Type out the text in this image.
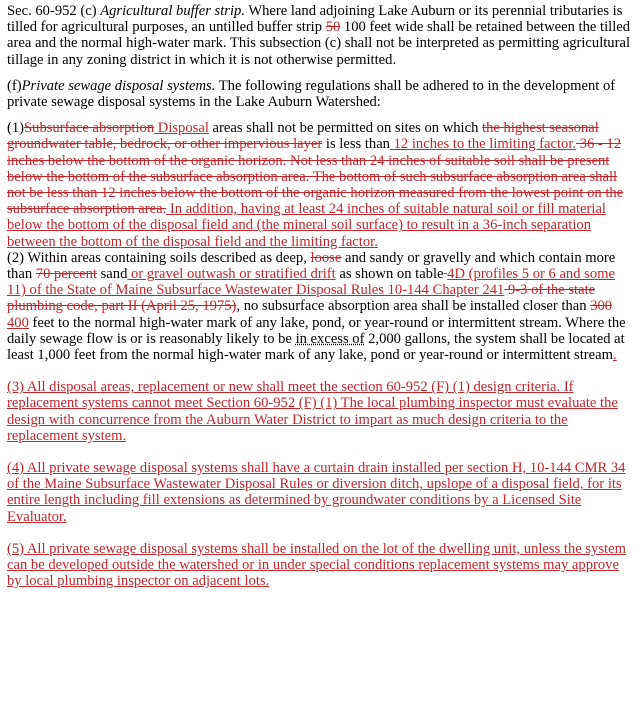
Sec. 60-952 (c) Agricultural buffer strip. Where land adjoining Lake Auburn or its perennial tributaries is tilled for agricultural purposes, an untilled buffer strip 50 100 feet wide shall be retained between the tilled area and the normal high-water mark. This subsection (c) shall not be interpreted as permitting agricultural tillage in any zoning district in which it is not otherwise permitted.

(f)Private sewage disposal systems. The following regulations shall be adhered to in the development of private sewage disposal systems in the Lake Auburn Watershed:

(1)Subsurface absorption Disposal areas shall not be permitted on sites on which the highest seasonal groundwater table, bedrock, or other impervious layer is less than 12 inches to the limiting factor. 36 - 12 inches below the bottom of the organic horizon. Not less than 24 inches of suitable soil shall be present below the bottom of the subsurface absorption area. The bottom of such subsurface absorption area shall not be less than 12 inches below the bottom of the organic horizon measured from the lowest point on the subsurface absorption area. In addition, having at least 24 inches of suitable natural soil or fill material below the bottom of the disposal field and (the mineral soil surface) to result in a 36-inch separation between the bottom of the disposal field and the limiting factor.

(2) Within areas containing soils described as deep, loose and sandy or gravelly and which contain more than 70 percent sand or gravel outwash or stratified drift as shown on table 4D (profiles 5 or 6 and some 11) of the State of Maine Subsurface Wastewater Disposal Rules 10-144 Chapter 241 9-3 of the state plumbing code, part II (April 25, 1975), no subsurface absorption area shall be installed closer than 300 400 feet to the normal high-water mark of any lake, pond, or year-round or intermittent stream. Where the daily sewage flow is or is reasonably likely to be in excess of 2,000 gallons, the system shall be located at least 1,000 feet from the normal high-water mark of any lake, pond or year-round or intermittent stream.

(3) All disposal areas, replacement or new shall meet the section 60-952 (F) (1) design criteria. If replacement systems cannot meet Section 60-952 (F) (1) The local plumbing inspector must evaluate the design with concurrence from the Auburn Water District to impart as much design criteria to the replacement system.

(4) All private sewage disposal systems shall have a curtain drain installed per section H, 10-144 CMR 34 of the Maine Subsurface Wastewater Disposal Rules or diversion ditch, upslope of a disposal field, for its entire length including fill extensions as determined by groundwater conditions by a Licensed Site Evaluator.

(5) All private sewage disposal systems shall be installed on the lot of the dwelling unit, unless the system can be developed outside the watershed or in under special conditions replacement systems may approve by local plumbing inspector on adjacent lots.
